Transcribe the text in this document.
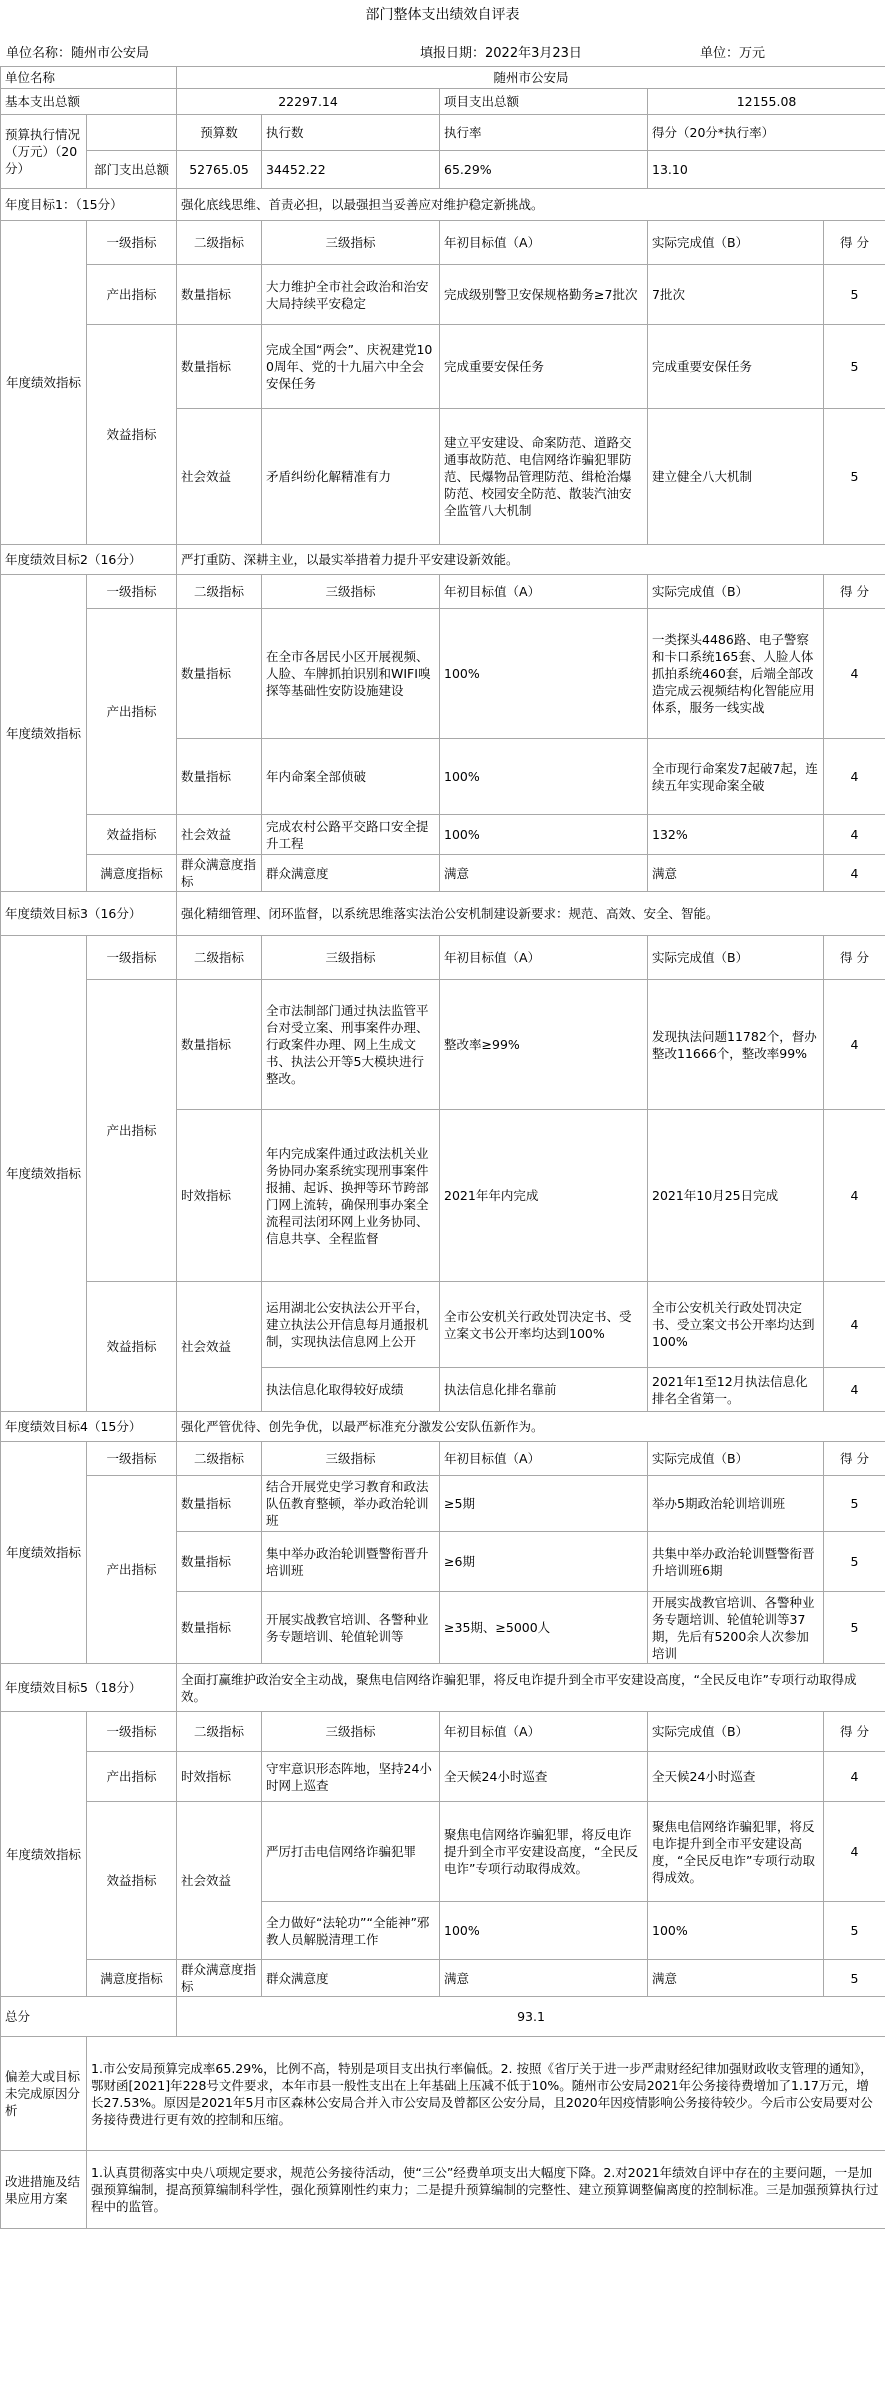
部门整体支出绩效自评表
单位名称：随州市公安局	填报日期：2022年3月23日	单位：万元
单位名称		随州市公安局				
基本支出总额		22297.14		项目支出总额	12155.08	
预算执行情况（万元）（20分）		预算数	执行数	执行率	得分（20分*执行率）	
	部门支出总额	52765.05	34452.22	65.29%	13.10	
年度目标1：（15分）		强化底线思维、首责必担，以最强担当妥善应对维护稳定新挑战。				
年度绩效指标	一级指标	二级指标	三级指标	年初目标值（A）	实际完成值（B）	得 分
	产出指标	数量指标	大力维护全市社会政治和治安大局持续平安稳定	完成级别警卫安保规格勤务≥7批次	7批次	5
	效益指标	数量指标	完成全国“两会”、庆祝建党100周年、党的十九届六中全会安保任务	完成重要安保任务	完成重要安保任务	5
		社会效益	矛盾纠纷化解精准有力	建立平安建设、命案防范、道路交通事故防范、电信网络诈骗犯罪防范、民爆物品管理防范、缉枪治爆防范、校园安全防范、散装汽油安全监管八大机制	建立健全八大机制	5
年度绩效目标2（16分）		严打重防、深耕主业，以最实举措着力提升平安建设新效能。				
年度绩效指标	一级指标	二级指标	三级指标	年初目标值（A）	实际完成值（B）	得 分
	产出指标	数量指标	在全市各居民小区开展视频、人脸、车牌抓拍识别和WIFI嗅探等基础性安防设施建设	100%	一类探头4486路、电子警察和卡口系统165套、人脸人体抓拍系统460套，后端全部改造完成云视频结构化智能应用体系，服务一线实战	4
		数量指标	年内命案全部侦破	100%	全市现行命案发7起破7起，连续五年实现命案全破	4
	效益指标	社会效益	完成农村公路平交路口安全提升工程	100%	132%	4
	满意度指标	群众满意度指标	群众满意度	满意	满意	4
年度绩效目标3（16分）		强化精细管理、闭环监督，以系统思维落实法治公安机制建设新要求：规范、高效、安全、智能。				
年度绩效指标	一级指标	二级指标	三级指标	年初目标值（A）	实际完成值（B）	得 分
	产出指标	数量指标	全市法制部门通过执法监管平台对受立案、刑事案件办理、行政案件办理、网上生成文书、执法公开等5大模块进行整改。	整改率≥99%	发现执法问题11782个，督办整改11666个，整改率99%	4
		时效指标	年内完成案件通过政法机关业务协同办案系统实现刑事案件报捕、起诉、换押等环节跨部门网上流转，确保刑事办案全流程司法闭环网上业务协同、信息共享、全程监督	2021年年内完成	2021年10月25日完成	4
	效益指标	社会效益	运用湖北公安执法公开平台，建立执法公开信息每月通报机制，实现执法信息网上公开	全市公安机关行政处罚决定书、受立案文书公开率均达到100%	全市公安机关行政处罚决定书、受立案文书公开率均达到100%	4
			执法信息化取得较好成绩	执法信息化排名靠前	2021年1至12月执法信息化排名全省第一。	4
年度绩效目标4（15分）		强化严管优待、创先争优，以最严标准充分激发公安队伍新作为。				
年度绩效指标	一级指标	二级指标	三级指标	年初目标值（A）	实际完成值（B）	得 分
	产出指标	数量指标	结合开展党史学习教育和政法队伍教育整顿，举办政治轮训班	≥5期	举办5期政治轮训培训班	5
		数量指标	集中举办政治轮训暨警衔晋升培训班	≥6期	共集中举办政治轮训暨警衔晋升培训班6期	5
		数量指标	开展实战教官培训、各警种业务专题培训、轮值轮训等	≥35期、≥5000人	开展实战教官培训、各警种业务专题培训、轮值轮训等37期，先后有5200余人次参加培训	5
年度绩效目标5（18分）		全面打赢维护政治安全主动战，聚焦电信网络诈骗犯罪，将反电诈提升到全市平安建设高度，“全民反电诈”专项行动取得成效。				
年度绩效指标	一级指标	二级指标	三级指标	年初目标值（A）	实际完成值（B）	得 分
	产出指标	时效指标	守牢意识形态阵地，坚持24小时网上巡查	全天候24小时巡查	全天候24小时巡查	4
	效益指标	社会效益	严厉打击电信网络诈骗犯罪	聚焦电信网络诈骗犯罪，将反电诈提升到全市平安建设高度，“全民反电诈”专项行动取得成效。	聚焦电信网络诈骗犯罪，将反电诈提升到全市平安建设高度，“全民反电诈”专项行动取得成效。	4
			全力做好“法轮功”“全能神”邪教人员解脱清理工作	100%	100%	5
	满意度指标	群众满意度指标	群众满意度	满意	满意	5
总分		93.1				
偏差大或目标未完成原因分析	1.市公安局预算完成率65.29%，比例不高，特别是项目支出执行率偏低。2. 按照《省厅关于进一步严肃财经纪律加强财政收支管理的通知》，鄂财函[2021]年228号文件要求，本年市县一般性支出在上年基础上压减不低于10%。随州市公安局2021年公务接待费增加了1.17万元，增长27.53%。原因是2021年5月市区森林公安局合并入市公安局及曾都区公安分局，且2020年因疫情影响公务接待较少。今后市公安局要对公务接待费进行更有效的控制和压缩。					
改进措施及结果应用方案	1.认真贯彻落实中央八项规定要求，规范公务接待活动，使“三公”经费单项支出大幅度下降。2.对2021年绩效自评中存在的主要问题，一是加强预算编制，提高预算编制科学性，强化预算刚性约束力；二是提升预算编制的完整性、建立预算调整偏离度的控制标准。三是加强预算执行过程中的监管。					
